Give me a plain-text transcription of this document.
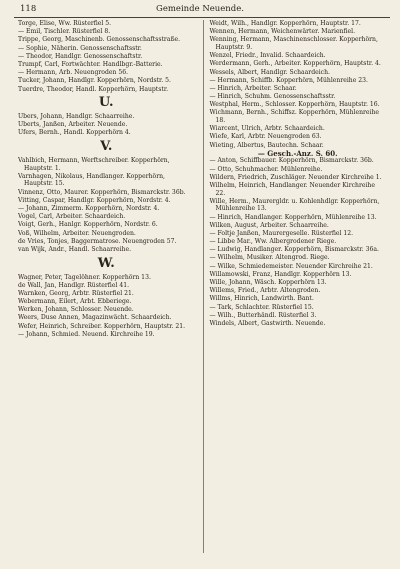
118	Gemeinde Neuende.
Torge, Elise, Ww. Rüsterfiel 5.
— Emil, Tischler. Rüsterfiel 8.
Trippe, Georg, Maschinenb. Genossenschaftsstraße.
— Sophie, Näherin. Genossenschaftsstr.
— Theodor, Handlgr. Genossenschaftstr.
Trumpf, Carl, Fortwächter. Handlbgr.-Batterie.
— Hermann, Arb. Neuengroden 56.
Tucker, Johann, Handlgr. Kopperhörn, Nordstr. 5.
Tuerdre, Theodor, Handl. Kopperhörn, Hauptstr.
U.
Ubers, Johann, Handlgr. Schaarreihe.
Uberts, Janßen, Arbeiter. Neuende.
Ufers, Bernh., Handl. Kopperhörn 4.
V.
Vahlbich, Hermann, Werftschreiber. Kopperhörn, Hauptstr. 1.
Varnhagen, Nikolaus, Handlanger. Kopperhörn, Hauptstr. 15.
Vinnenz, Otto, Maurer. Kopperhörn, Bismarckstr. 36b.
Vitting, Caspar, Handlgr. Kopperhörn, Nordstr. 4.
— Johann, Zimmerm. Kopperhörn, Nordstr. 4.
Vogel, Carl, Arbeiter. Schaardeich.
Voigt, Gerh., Hanlgr. Kopperhörn, Nordstr. 6.
Voß, Wilhelm, Arbeiter. Neuengroden.
de Vries, Tonjes, Baggermatrose. Neuengroden 57.
van Wijk, Andr., Handl. Schaarreihe.
W.
Wagner, Peter, Tagelöhner. Kopperhörn 13.
de Wall, Jan, Handlgr. Rüsterfiel 41.
Warnken, Georg, Arbtr. Rüsterfiel 21.
Webermann, Eilert, Arbt. Ebberiege.
Werken, Johann, Schlosser. Neuende.
Weers, Duse Annen, Magazinwächt. Schaardeich.
Wefer, Heinrich, Schreiber. Kopperhörn, Hauptstr. 21.
— Johann, Schmied. Neuend. Kirchreihe 19.
Weidt, Wilh., Handlgr. Kopperhörn, Hauptstr. 17.
Wennen, Hermann, Weichenwärter. Marienfiel.
Wenning, Hermann, Maschinenschlosser. Kopperhörn, Hauptstr. 9.
Wenzel, Friedr., Invalid. Schaardeich.
Werdermann, Gerh., Arbeiter. Kopperhörn, Hauptstr. 4.
Wessels, Albert, Handlgr. Schaardeich.
— Hermann, Schiffb. Kopperhörn, Mühlenreihe 23.
— Hinrich, Arbeiter. Schaar.
— Hinrich, Schuhm. Genossenschaftsstr.
Westphal, Herm., Schlosser. Kopperhörn, Hauptstr. 16.
Wichmann, Bernh., Schiffsz. Kopperhörn, Mühlenreihe 18.
Wiarcent, Ulrich, Arbtr. Schaardeich.
Wiefe, Karl, Arbtr. Neuengroden 63.
Wieting, Albertus, Bautechn. Schaar.
— Gesch.-Anz. S. 60.
— Anton, Schiffbauer. Kopperhörn, Bismarckstr. 36b.
— Otto, Schuhmacher. Mühlenreihe.
Wildern, Friedrich, Zuschläger. Neuender Kirchreihe 1.
Wilhelm, Heinrich, Handlanger. Neuender Kirchreihe 22.
Wille, Herm., Maurergldr. u. Kohlenhdlgr. Kopperhörn, Mühlenreihe 13.
— Hinrich, Handlanger. Kopperhörn, Mühlenreihe 13.
Wilken, August, Arbeiter. Schaarreihe.
— Foltje Janßen, Maurergeselle. Rüsterfiel 12.
— Libbe Mar., Ww. Albergrodener Riege.
— Ludwig, Handlanger. Kopperhörn, Bismarckstr. 36a.
— Wilhelm, Musiker. Altengrod. Riege.
— Wilke, Schmiedemeister. Neuender Kirchreihe 21.
Willamowski, Franz, Handlgr. Kopperhörn 13.
Wille, Johann, Wäsch. Kopperhörn 13.
Willems, Fried., Arbtr. Altengroden.
Willms, Hinrich, Landwirth. Bant.
— Tark, Schlachter. Rüsterfiel 15.
— Wilh., Butterhändl. Rüsterfiel 3.
Windels, Albert, Gastwirth. Neuende.
